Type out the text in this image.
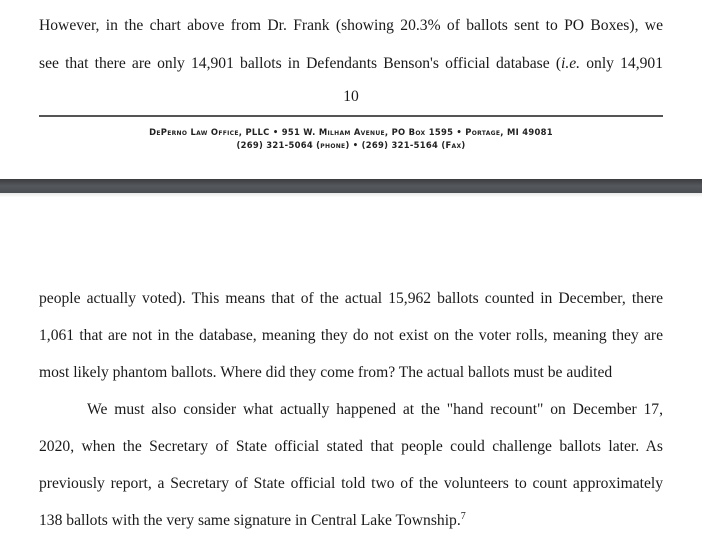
However, in the chart above from Dr. Frank (showing 20.3% of ballots sent to PO Boxes), we
see that there are only 14,901 ballots in Defendants Benson's official database (i.e. only 14,901
10
DePerno Law Office, PLLC • 951 W. Milham Avenue, PO Box 1595 • Portage, MI 49081
(269) 321-5064 (phone) • (269) 321-5164 (Fax)
people actually voted). This means that of the actual 15,962 ballots counted in December, there
1,061 that are not in the database, meaning they do not exist on the voter rolls, meaning they are
most likely phantom ballots. Where did they come from? The actual ballots must be audited
We must also consider what actually happened at the "hand recount" on December 17,
2020, when the Secretary of State official stated that people could challenge ballots later. As
previously report, a Secretary of State official told two of the volunteers to count approximately
138 ballots with the very same signature in Central Lake Township.$^7$
